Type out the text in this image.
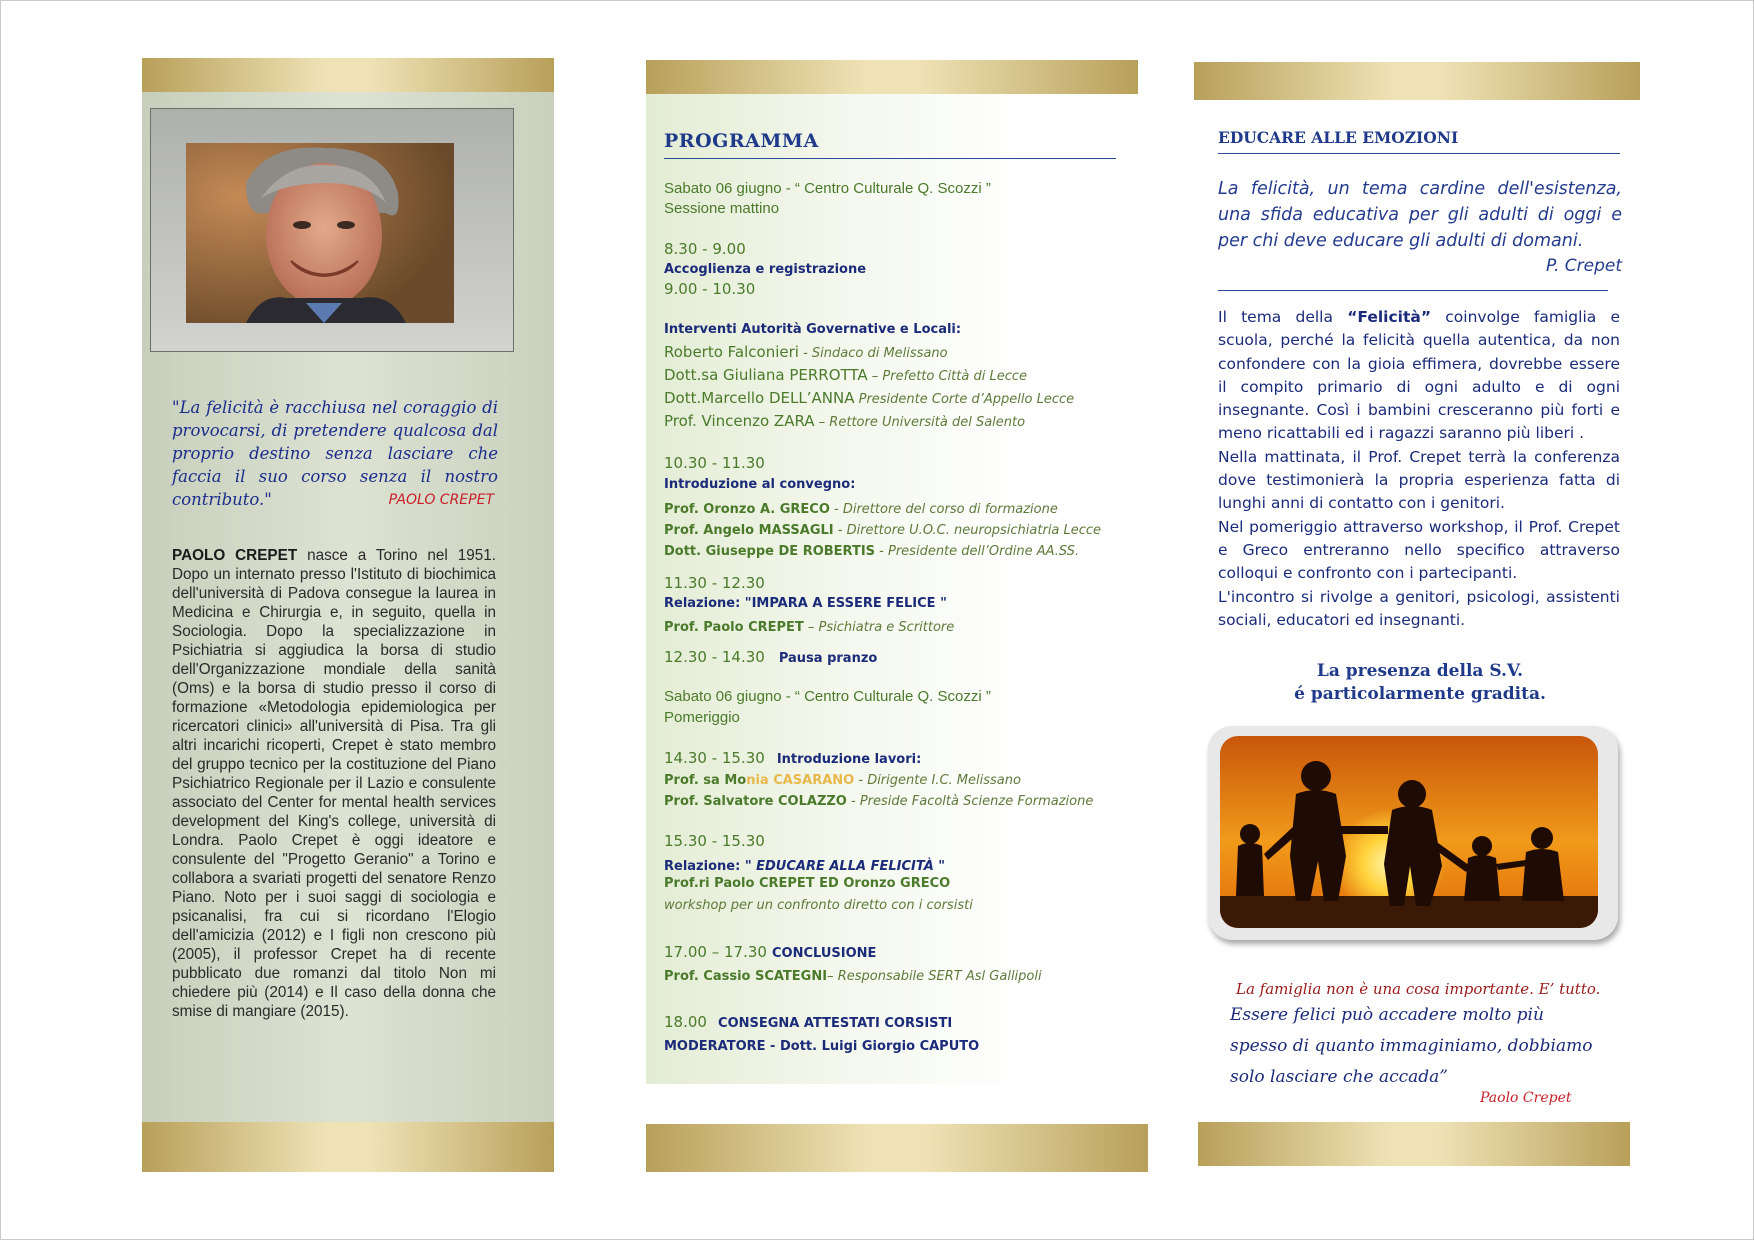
"La felicità è racchiusa nel coraggio di provocarsi, di pretendere qualcosa dal proprio destino senza lasciare che faccia il suo corso senza il nostro contributo."	PAOLO CREPET
PAOLO CREPET nasce a Torino nel 1951. Dopo un internato presso l'Istituto di biochimica dell'università di Padova consegue la laurea in Medicina e Chirurgia e, in seguito, quella in Sociologia. Dopo la specializzazione in Psichiatria si aggiudica la borsa di studio dell'Organizzazione mondiale della sanità (Oms) e la borsa di studio presso il corso di formazione «Metodologia epidemiologica per ricercatori clinici» all'università di Pisa. Tra gli altri incarichi ricoperti, Crepet è stato membro del gruppo tecnico per la costituzione del Piano Psichiatrico Regionale per il Lazio e consulente associato del Center for mental health services development del King's college, università di Londra. Paolo Crepet è oggi ideatore e consulente del "Progetto Geranio" a Torino e collabora a svariati progetti del senatore Renzo Piano. Noto per i suoi saggi di sociologia e psicanalisi, fra cui si ricordano l'Elogio dell'amicizia (2012) e I figli non crescono più (2005), il professor Crepet ha di recente pubblicato due romanzi dal titolo Non mi chiedere più (2014) e Il caso della donna che smise di mangiare (2015).
PROGRAMMA
Sabato 06 giugno - “ Centro Culturale Q. Scozzi ”
Sessione mattino
8.30 - 9.00
Accoglienza e registrazione
9.00 - 10.30
Interventi Autorità Governative e Locali:
Roberto Falconieri - Sindaco di Melissano
Dott.sa Giuliana PERROTTA – Prefetto Città di Lecce
Dott.Marcello DELL’ANNA Presidente Corte d’Appello Lecce
Prof. Vincenzo ZARA – Rettore Università del Salento
10.30 - 11.30
Introduzione al convegno:
Prof. Oronzo A. GRECO - Direttore del corso di formazione
Prof. Angelo MASSAGLI - Direttore U.O.C. neuropsichiatria Lecce
Dott. Giuseppe DE ROBERTIS - Presidente dell’Ordine AA.SS.
11.30 - 12.30
Relazione: "IMPARA A ESSERE FELICE "
Prof. Paolo CREPET – Psichiatra e Scrittore
12.30 - 14.30 Pausa pranzo
Sabato 06 giugno - “ Centro Culturale Q. Scozzi ”
Pomeriggio
14.30 - 15.30 Introduzione lavori:
Prof. sa Monia CASARANO - Dirigente I.C. Melissano
Prof. Salvatore COLAZZO - Preside Facoltà Scienze Formazione
15.30 - 15.30
Relazione: " EDUCARE ALLA FELICITÀ "
Prof.ri Paolo CREPET ED Oronzo GRECO
workshop per un confronto diretto con i corsisti
17.00 – 17.30 CONCLUSIONE
Prof. Cassio SCATEGNI– Responsabile SERT Asl Gallipoli
18.00 CONSEGNA ATTESTATI CORSISTI
MODERATORE - Dott. Luigi Giorgio CAPUTO
EDUCARE ALLE EMOZIONI
La felicità, un tema cardine dell'esistenza, una sfida educativa per gli adulti di oggi e per chi deve educare gli adulti di domani.
P. Crepet
Il tema della “Felicità” coinvolge famiglia e scuola, perché la felicità quella autentica, da non confondere con la gioia effimera, dovrebbe essere il compito primario di ogni adulto e di ogni insegnante. Così i bambini cresceranno più forti e meno ricattabili ed i ragazzi saranno più liberi .
Nella mattinata, il Prof. Crepet terrà la conferenza dove testimonierà la propria esperienza fatta di lunghi anni di contatto con i genitori.
Nel pomeriggio attraverso workshop, il Prof. Crepet e Greco entreranno nello specifico attraverso colloqui e confronto con i partecipanti.
L'incontro si rivolge a genitori, psicologi, assistenti sociali, educatori ed insegnanti.
La presenza della S.V.
é particolarmente gradita.
La famiglia non è una cosa importante. E’ tutto.
Essere felici può accadere molto più spesso di quanto immaginiamo, dobbiamo solo lasciare che accada”
Paolo Crepet
